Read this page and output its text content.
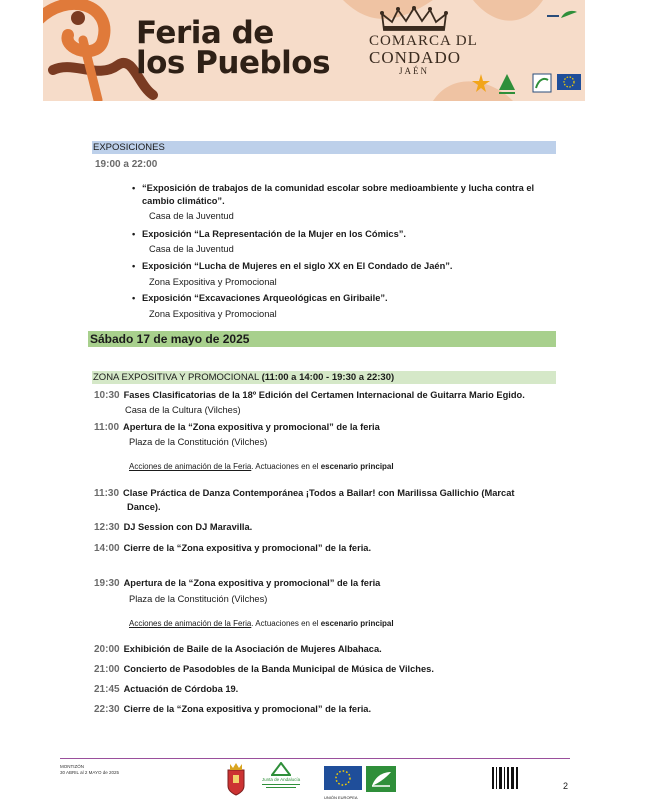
Feria de
los Pueblos
COMARCA DL
CONDADO
JAÉN
EXPOSICIONES
19:00 a 22:00
• “Exposición de trabajos de la comunidad escolar sobre medioambiente y lucha contra el
cambio climático”.
Casa de la Juventud
• Exposición “La Representación de la Mujer en los Cómics”.
Casa de la Juventud
• Exposición “Lucha de Mujeres en el siglo XX en El Condado de Jaén”.
Zona Expositiva y Promocional
• Exposición “Excavaciones Arqueológicas en Giribaile”.
Zona Expositiva y Promocional
Sábado 17 de mayo de 2025
ZONA EXPOSITIVA Y PROMOCIONAL (11:00 a 14:00 - 19:30 a 22:30)
10:30 Fases Clasificatorias de la 18º Edición del Certamen Internacional de Guitarra Mario Egido.
Casa de la Cultura (Vilches)
11:00 Apertura de la “Zona expositiva y promocional” de la feria
Plaza de la Constitución (Vilches)
Acciones de animación de la Feria. Actuaciones en el escenario principal
11:30 Clase Práctica de Danza Contemporánea ¡Todos a Bailar! con Marilissa Gallichio (Marcat
Dance).
12:30 DJ Session con DJ Maravilla.
14:00 Cierre de la “Zona expositiva y promocional” de la feria.
19:30 Apertura de la “Zona expositiva y promocional” de la feria
Plaza de la Constitución (Vilches)
Acciones de animación de la Feria. Actuaciones en el escenario principal
20:00 Exhibición de Baile de la Asociación de Mujeres Albahaca.
21:00 Concierto de Pasodobles de la Banda Municipal de Música de Vilches.
21:45 Actuación de Córdoba 19.
22:30 Cierre de la “Zona expositiva y promocional” de la feria.
MONTIZÓN
30 ABRIL al 2 MAYO de 2025
Junta de Andalucía
UNIÓN EUROPEA
2
